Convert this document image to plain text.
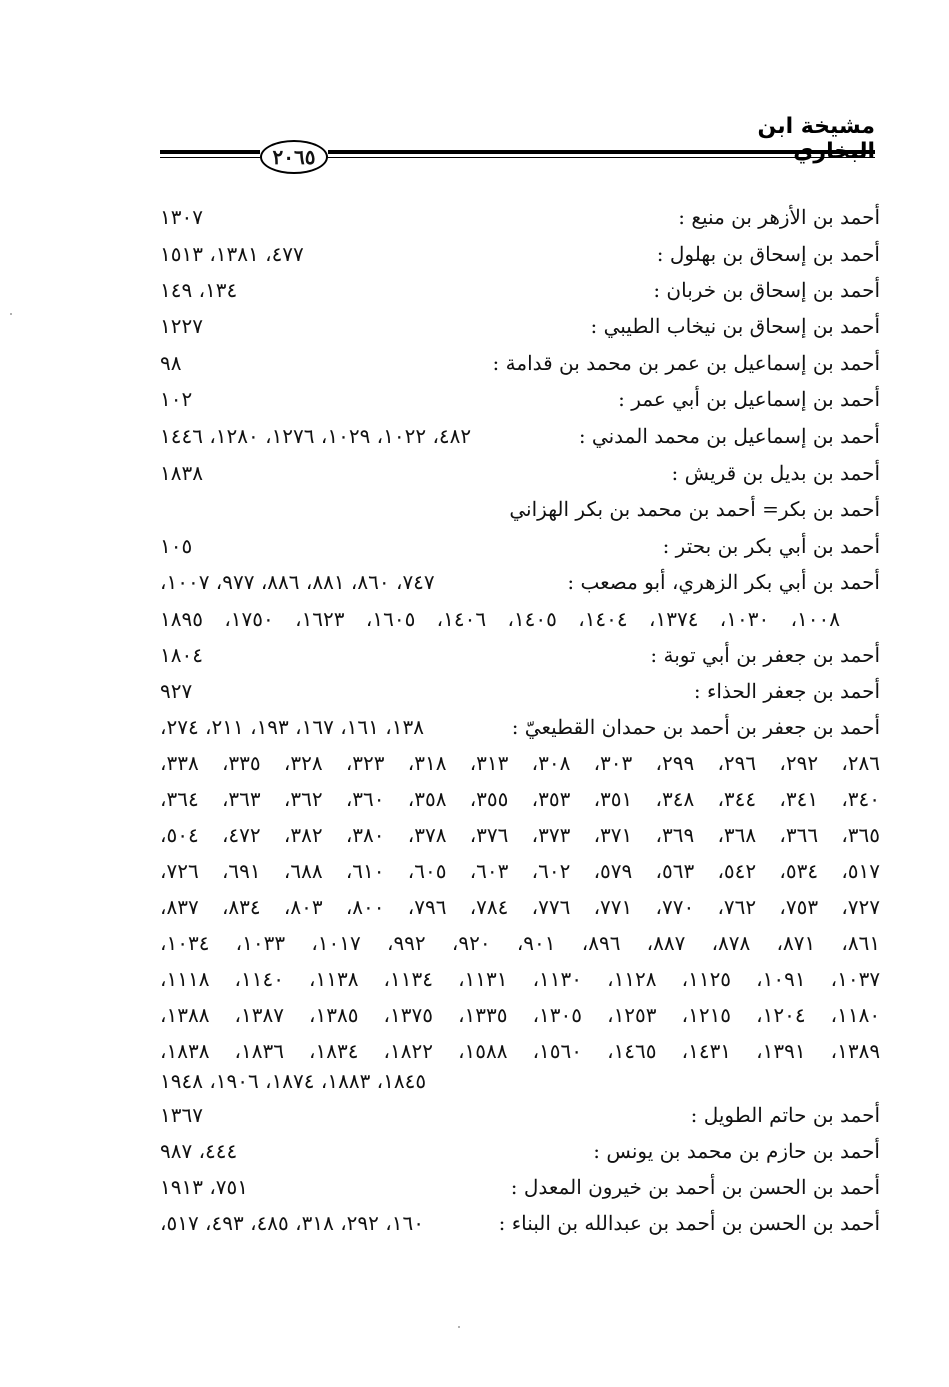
مشيخة ابن البخاري
٢٠٦٥
أحمد بن الأزهر بن منيع :
١٣٠٧
أحمد بن إسحاق بن بهلول :
٤٧٧، ١٣٨١، ١٥١٣
أحمد بن إسحاق بن خربان :
١٣٤، ١٤٩
أحمد بن إسحاق بن نيخاب الطيبي :
١٢٢٧
أحمد بن إسماعيل بن عمر بن محمد بن قدامة :
٩٨
أحمد بن إسماعيل بن أبي عمر :
١٠٢
أحمد بن إسماعيل بن محمد المدني :
٤٨٢، ١٠٢٢، ١٠٢٩، ١٢٧٦، ١٢٨٠، ١٤٤٦
أحمد بن بديل بن قريش :
١٨٣٨
أحمد بن بكر= أحمد بن محمد بن بكر الهزاني
أحمد بن أبي بكر بن بحتر :
١٠٥
أحمد بن أبي بكر الزهري، أبو مصعب :
٧٤٧، ٨٦٠، ٨٨١، ٨٨٦، ٩٧٧، ١٠٠٧،
١٠٠٨، ١٠٣٠، ١٣٧٤، ١٤٠٤، ١٤٠٥، ١٤٠٦، ١٦٠٥، ١٦٢٣، ١٧٥٠، ١٨٩٥
أحمد بن جعفر بن أبي توبة :
١٨٠٤
أحمد بن جعفر الحذاء :
٩٢٧
أحمد بن جعفر بن أحمد بن حمدان القطيعيّ :
١٣٨، ١٦١، ١٦٧، ١٩٣، ٢١١، ٢٧٤،
٢٨٦، ٢٩٢، ٢٩٦، ٢٩٩، ٣٠٣، ٣٠٨، ٣١٣، ٣١٨، ٣٢٣، ٣٢٨، ٣٣٥، ٣٣٨،
٣٤٠، ٣٤١، ٣٤٤، ٣٤٨، ٣٥١، ٣٥٣، ٣٥٥، ٣٥٨، ٣٦٠، ٣٦٢، ٣٦٣، ٣٦٤،
٣٦٥، ٣٦٦، ٣٦٨، ٣٦٩، ٣٧١، ٣٧٣، ٣٧٦، ٣٧٨، ٣٨٠، ٣٨٢، ٤٧٢، ٥٠٤،
٥١٧، ٥٣٤، ٥٤٢، ٥٦٣، ٥٧٩، ٦٠٢، ٦٠٣، ٦٠٥، ٦١٠، ٦٨٨، ٦٩١، ٧٢٦،
٧٢٧، ٧٥٣، ٧٦٢، ٧٧٠، ٧٧١، ٧٧٦، ٧٨٤، ٧٩٦، ٨٠٠، ٨٠٣، ٨٣٤، ٨٣٧،
٨٦١، ٨٧١، ٨٧٨، ٨٨٧، ٨٩٦، ٩٠١، ٩٢٠، ٩٩٢، ١٠١٧، ١٠٣٣، ١٠٣٤،
١٠٣٧، ١٠٩١، ١١٢٥، ١١٢٨، ١١٣٠، ١١٣١، ١١٣٤، ١١٣٨، ١١٤٠، ١١١٨،
١١٨٠، ١٢٠٤، ١٢١٥، ١٢٥٣، ١٣٠٥، ١٣٣٥، ١٣٧٥، ١٣٨٥، ١٣٨٧، ١٣٨٨،
١٣٨٩، ١٣٩١، ١٤٣١، ١٤٦٥، ١٥٦٠، ١٥٨٨، ١٨٢٢، ١٨٣٤، ١٨٣٦، ١٨٣٨،
١٨٤٥، ١٨٨٣، ١٨٧٤، ١٩٠٦، ١٩٤٨
أحمد بن حاتم الطويل :
١٣٦٧
أحمد بن حازم بن محمد بن يونس :
٤٤٤، ٩٨٧
أحمد بن الحسن بن أحمد بن خيرون المعدل :
٧٥١، ١٩١٣
أحمد بن الحسن بن أحمد بن عبدالله بن البناء :
١٦٠، ٢٩٢، ٣١٨، ٤٨٥، ٤٩٣، ٥١٧،
